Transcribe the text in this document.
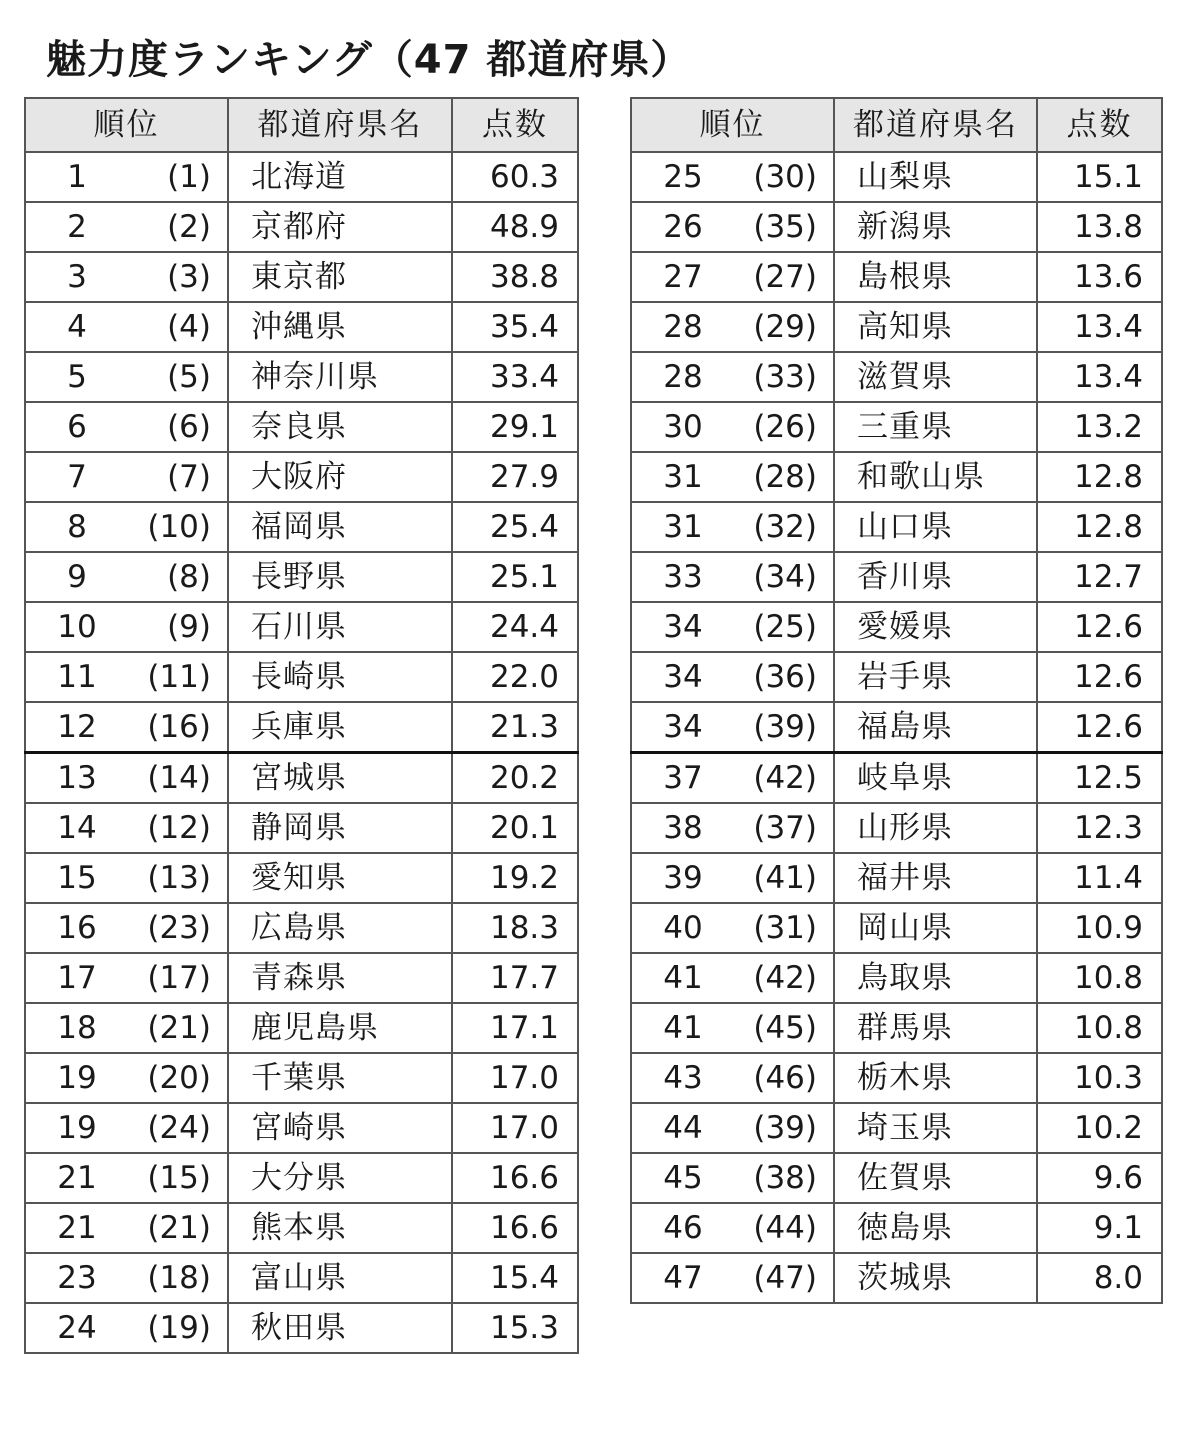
魅力度ランキング（47 都道府県）
順位	都道府県名	点数

1 (1)	北海道	60.3

2 (2)	京都府	48.9

3 (3)	東京都	38.8

4 (4)	沖縄県	35.4

5 (5)	神奈川県	33.4

6 (6)	奈良県	29.1

7 (7)	大阪府	27.9

8 (10)	福岡県	25.4

9 (8)	長野県	25.1

10 (9)	石川県	24.4

11 (11)	長崎県	22.0

12 (16)	兵庫県	21.3

13 (14)	宮城県	20.2

14 (12)	静岡県	20.1

15 (13)	愛知県	19.2

16 (23)	広島県	18.3

17 (17)	青森県	17.7

18 (21)	鹿児島県	17.1

19 (20)	千葉県	17.0

19 (24)	宮崎県	17.0

21 (15)	大分県	16.6

21 (21)	熊本県	16.6

23 (18)	富山県	15.4

24 (19)	秋田県	15.3
順位	都道府県名	点数

25 (30)	山梨県	15.1

26 (35)	新潟県	13.8

27 (27)	島根県	13.6

28 (29)	高知県	13.4

28 (33)	滋賀県	13.4

30 (26)	三重県	13.2

31 (28)	和歌山県	12.8

31 (32)	山口県	12.8

33 (34)	香川県	12.7

34 (25)	愛媛県	12.6

34 (36)	岩手県	12.6

34 (39)	福島県	12.6

37 (42)	岐阜県	12.5

38 (37)	山形県	12.3

39 (41)	福井県	11.4

40 (31)	岡山県	10.9

41 (42)	鳥取県	10.8

41 (45)	群馬県	10.8

43 (46)	栃木県	10.3

44 (39)	埼玉県	10.2

45 (38)	佐賀県	9.6

46 (44)	徳島県	9.1

47 (47)	茨城県	8.0
